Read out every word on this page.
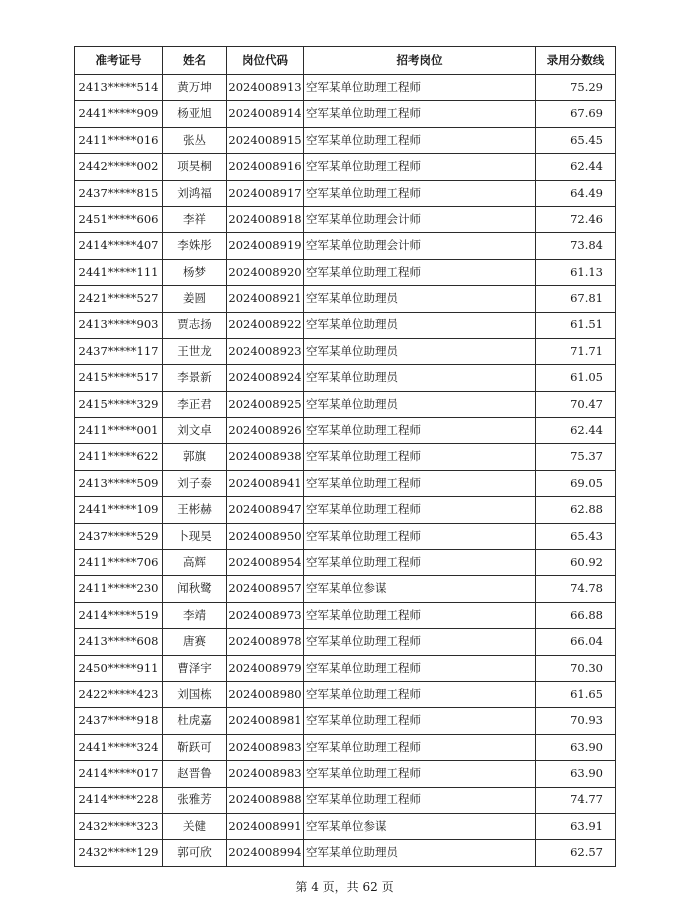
准考证号	姓名	岗位代码	招考岗位	录用分数线
2413*****514	黄万坤	2024008913	空军某单位助理工程师	75.29
2441*****909	杨亚旭	2024008914	空军某单位助理工程师	67.69
2411*****016	张丛	2024008915	空军某单位助理工程师	65.45
2442*****002	项昊桐	2024008916	空军某单位助理工程师	62.44
2437*****815	刘鸿福	2024008917	空军某单位助理工程师	64.49
2451*****606	李祥	2024008918	空军某单位助理会计师	72.46
2414*****407	李姝彤	2024008919	空军某单位助理会计师	73.84
2441*****111	杨梦	2024008920	空军某单位助理工程师	61.13
2421*****527	姜圆	2024008921	空军某单位助理员	67.81
2413*****903	贾志扬	2024008922	空军某单位助理员	61.51
2437*****117	王世龙	2024008923	空军某单位助理员	71.71
2415*****517	李景新	2024008924	空军某单位助理员	61.05
2415*****329	李正君	2024008925	空军某单位助理员	70.47
2411*****001	刘文卓	2024008926	空军某单位助理工程师	62.44
2411*****622	郭旗	2024008938	空军某单位助理工程师	75.37
2413*****509	刘子泰	2024008941	空军某单位助理工程师	69.05
2441*****109	王彬赫	2024008947	空军某单位助理工程师	62.88
2437*****529	卜现昊	2024008950	空军某单位助理工程师	65.43
2411*****706	高辉	2024008954	空军某单位助理工程师	60.92
2411*****230	闻秋鹭	2024008957	空军某单位参谋	74.78
2414*****519	李靖	2024008973	空军某单位助理工程师	66.88
2413*****608	唐赛	2024008978	空军某单位助理工程师	66.04
2450*****911	曹泽宇	2024008979	空军某单位助理工程师	70.30
2422*****423	刘国栋	2024008980	空军某单位助理工程师	61.65
2437*****918	杜虎嘉	2024008981	空军某单位助理工程师	70.93
2441*****324	靳跃可	2024008983	空军某单位助理工程师	63.90
2414*****017	赵晋鲁	2024008983	空军某单位助理工程师	63.90
2414*****228	张雅芳	2024008988	空军某单位助理工程师	74.77
2432*****323	关健	2024008991	空军某单位参谋	63.91
2432*****129	郭可欣	2024008994	空军某单位助理员	62.57
第 4 页，共 62 页
